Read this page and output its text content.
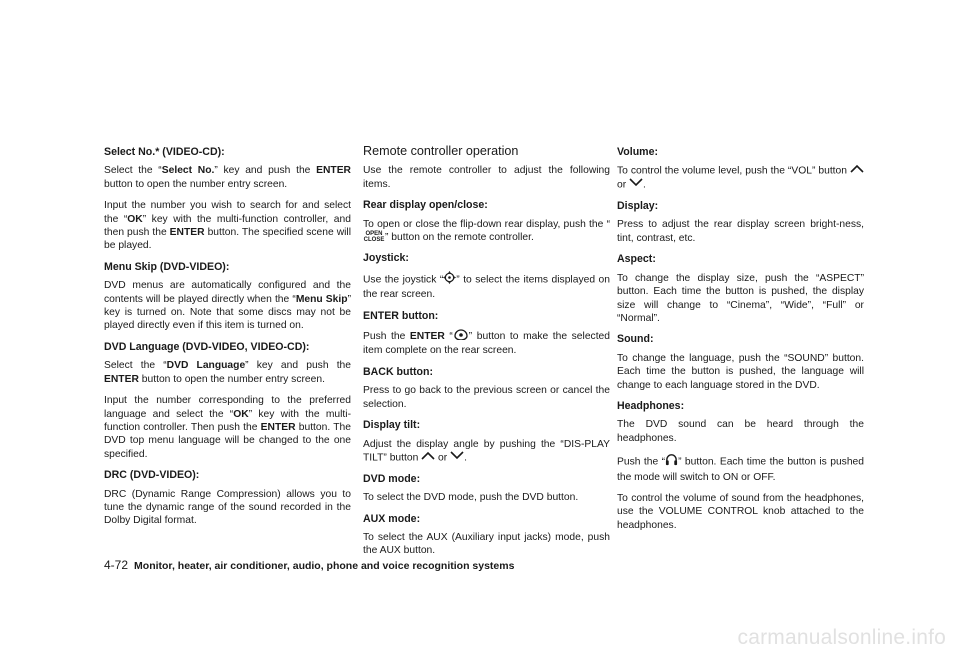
Select No.* (VIDEO-CD):

Select the “Select No.” key and push the ENTER button to open the number entry screen.

Input the number you wish to search for and select the “OK” key with the multi-function controller, and then push the ENTER button. The specified scene will be played.

Menu Skip (DVD-VIDEO):

DVD menus are automatically configured and the contents will be played directly when the “Menu Skip” key is turned on. Note that some discs may not be played directly even if this item is turned on.

DVD Language (DVD-VIDEO, VIDEO-CD):

Select the “DVD Language” key and push the ENTER button to open the number entry screen.

Input the number corresponding to the preferred language and select the “OK” key with the multi-function controller. Then push the ENTER button. The DVD top menu language will be changed to the one specified.

DRC (DVD-VIDEO):

DRC (Dynamic Range Compression) allows you to tune the dynamic range of the sound recorded in the Dolby Digital format.

Remote controller operation

Use the remote controller to adjust the following items.

Rear display open/close:

To open or close the flip-down rear display, push the “
OPEN
CLOSE ” button on the remote controller.

Joystick:

Use the joystick “ ” to select the items displayed on the rear screen.

ENTER button:

Push the ENTER “ ” button to make the selected item complete on the rear screen.

BACK button:

Press to go back to the previous screen or cancel the selection.

Display tilt:

Adjust the display angle by pushing the “DIS-PLAY TILT” button  or .

DVD mode:

To select the DVD mode, push the DVD button.

AUX mode:

To select the AUX (Auxiliary input jacks) mode, push the AUX button.

Volume:

To control the volume level, push the “VOL” button  or .

Display:

Press to adjust the rear display screen bright-ness, tint, contrast, etc.

Aspect:

To change the display size, push the “ASPECT” button. Each time the button is pushed, the display size will change to “Cinema”, “Wide”, “Full” or “Normal”.

Sound:

To change the language, push the “SOUND” button. Each time the button is pushed, the language will change to each language stored in the DVD.

Headphones:

The DVD sound can be heard through the headphones.

Push the “ ” button. Each time the button is pushed the mode will switch to ON or OFF.

To control the volume of sound from the headphones, use the VOLUME CONTROL knob attached to the headphones.

4-72 Monitor, heater, air conditioner, audio, phone and voice recognition systems
carmanualsonline.info
